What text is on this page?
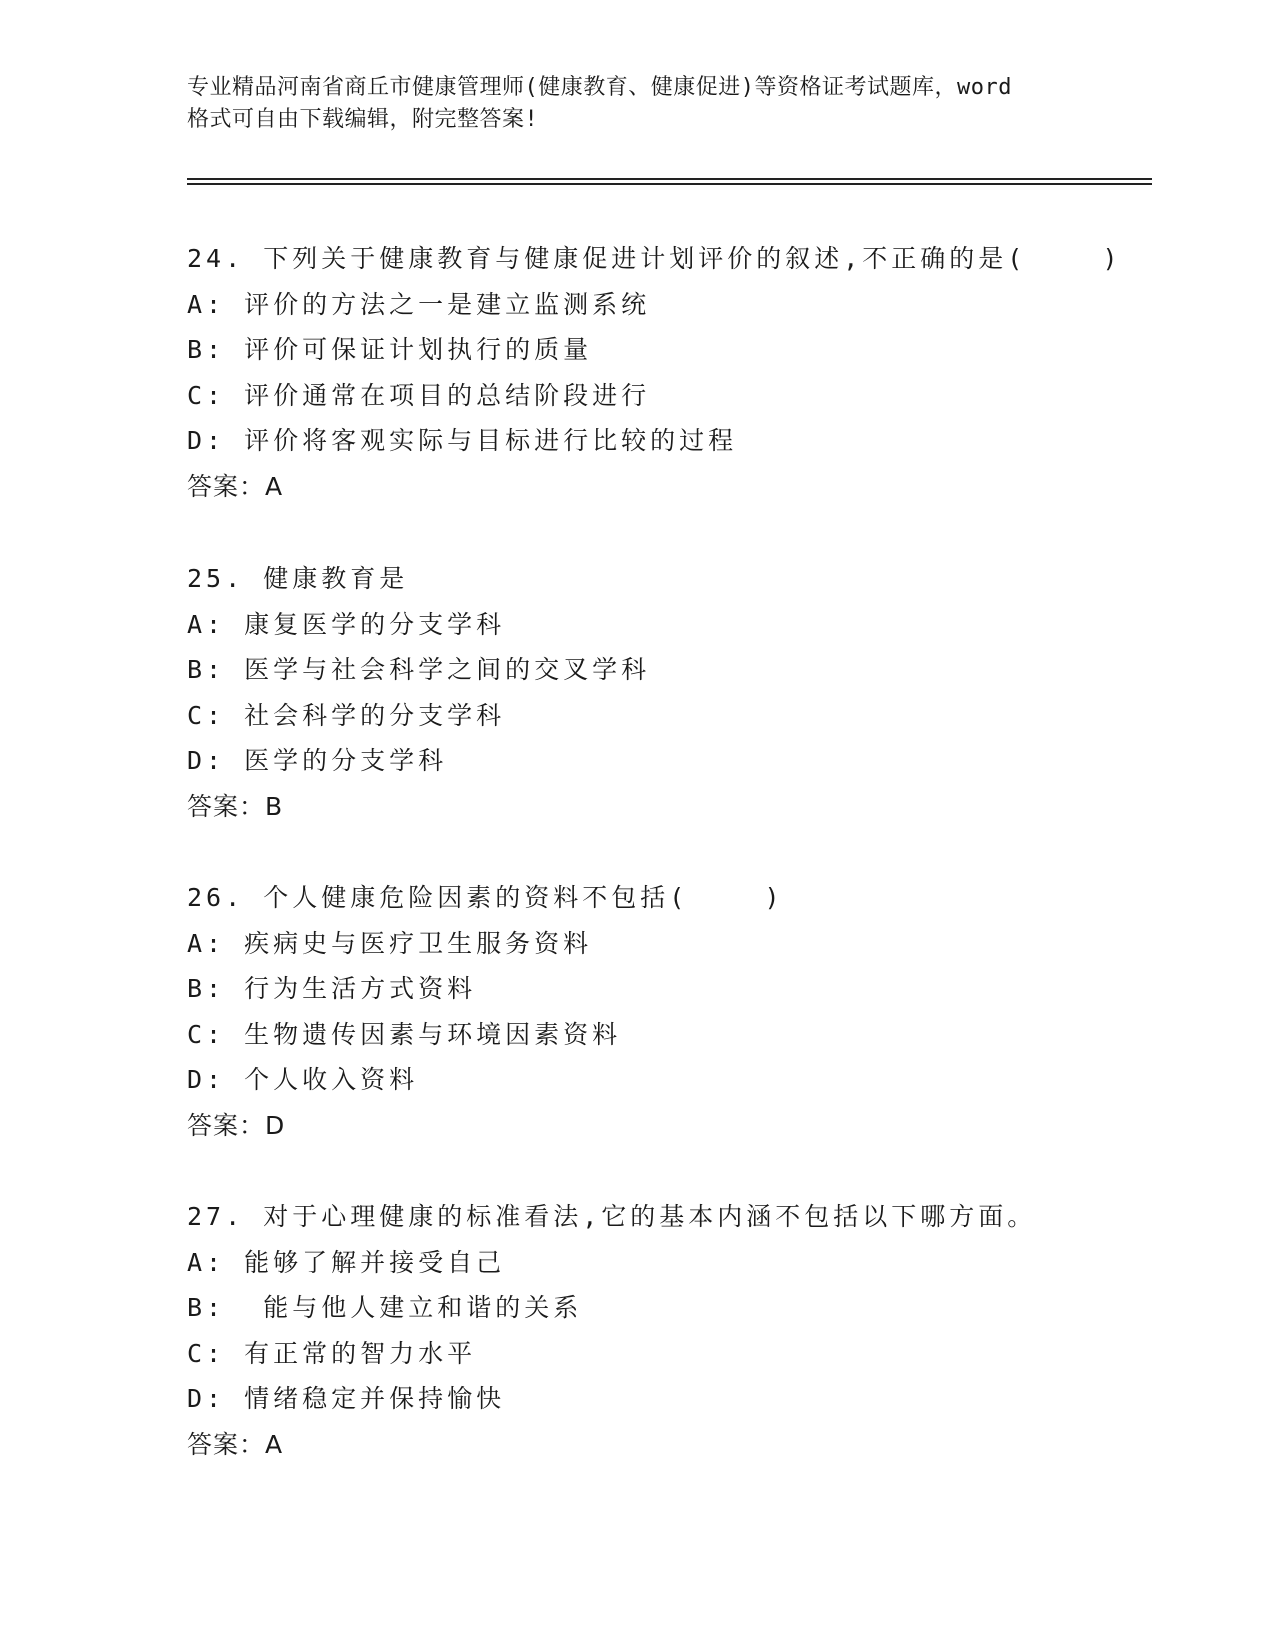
专业精品河南省商丘市健康管理师(健康教育、健康促进)等资格证考试题库，word
格式可自由下载编辑，附完整答案!
24. 下列关于健康教育与健康促进计划评价的叙述,不正确的是(    )
A: 评价的方法之一是建立监测系统
B: 评价可保证计划执行的质量
C: 评价通常在项目的总结阶段进行
D: 评价将客观实际与目标进行比较的过程
答案：A
25. 健康教育是
A: 康复医学的分支学科
B: 医学与社会科学之间的交叉学科
C: 社会科学的分支学科
D: 医学的分支学科
答案：B
26. 个人健康危险因素的资料不包括(    )
A: 疾病史与医疗卫生服务资料
B: 行为生活方式资料
C: 生物遗传因素与环境因素资料
D: 个人收入资料
答案：D
27. 对于心理健康的标准看法,它的基本内涵不包括以下哪方面。
A: 能够了解并接受自己
B:  能与他人建立和谐的关系
C: 有正常的智力水平
D: 情绪稳定并保持愉快
答案：A
